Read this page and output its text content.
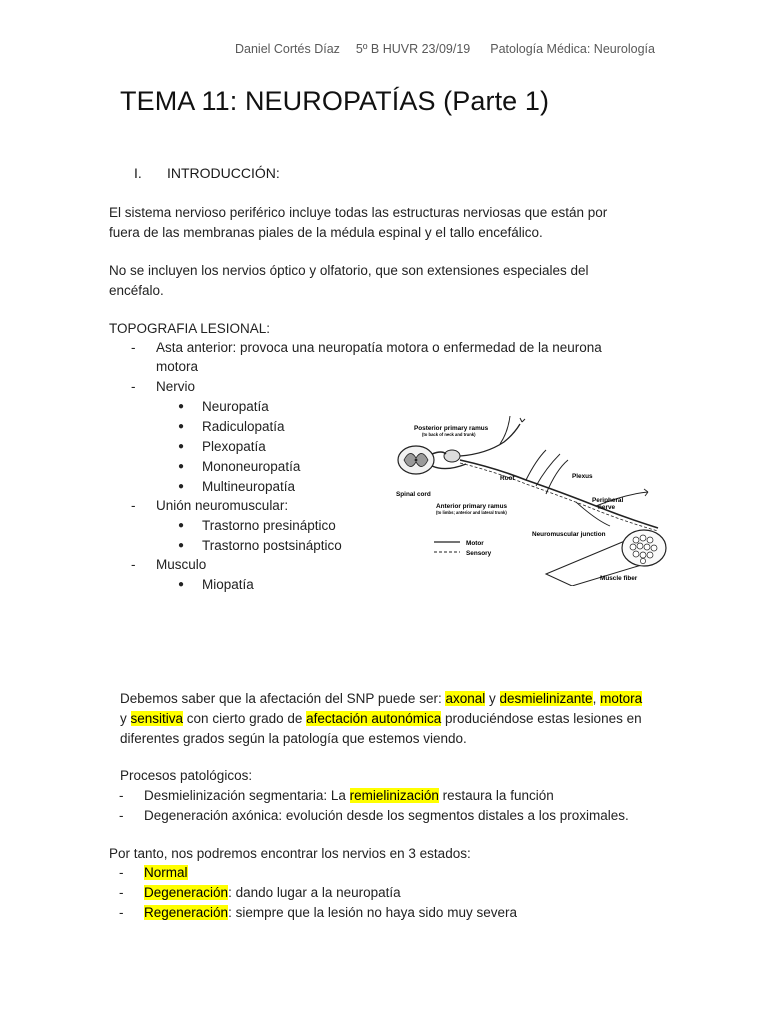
Daniel Cortés Díaz 5º B HUVR 23/09/19 Patología Médica: Neurología
TEMA 11: NEUROPATÍAS (Parte 1)
I. INTRODUCCIÓN:
El sistema nervioso periférico incluye todas las estructuras nerviosas que están por
fuera de las membranas piales de la médula espinal y el tallo encefálico.
No se incluyen los nervios óptico y olfatorio, que son extensiones especiales del
encéfalo.
TOPOGRAFIA LESIONAL:
- Asta anterior: provoca una neuropatía motora o enfermedad de la neurona
motora
- Nervio
● Neuropatía
● Radiculopatía
● Plexopatía
● Mononeuropatía
● Multineuropatía
- Unión neuromuscular:
● Trastorno presináptico
● Trastorno postsináptico
- Musculo
● Miopatía
Posterior primary ramus
(to back of neck and trunk)
Spinal cord
Root	Plexus
Anterior primary ramus
(to limbs; anterior and lateral trunk)
Peripheral
nerve
Neuromuscular junction
Motor
Sensory
Muscle fiber
Debemos saber que la afectación del SNP puede ser: axonal y desmielinizante, motora
y sensitiva con cierto grado de afectación autonómica produciéndose estas lesiones en
diferentes grados según la patología que estemos viendo.
Procesos patológicos:
- Desmielinización segmentaria: La remielinización restaura la función
- Degeneración axónica: evolución desde los segmentos distales a los proximales.
Por tanto, nos podremos encontrar los nervios en 3 estados:
- Normal
- Degeneración: dando lugar a la neuropatía
- Regeneración: siempre que la lesión no haya sido muy severa
